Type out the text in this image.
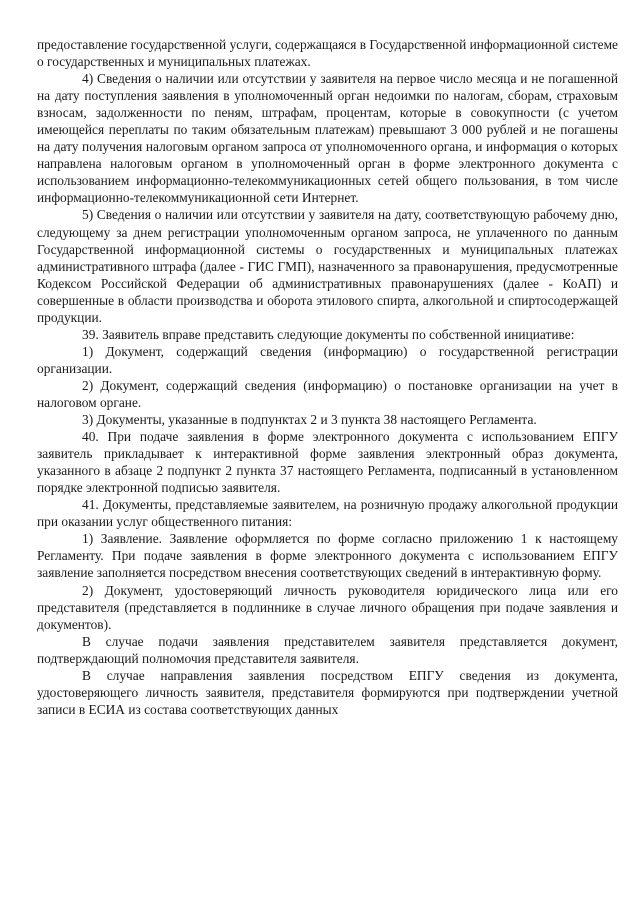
предоставление государственной услуги, содержащаяся в Государственной информационной системе о государственных и муниципальных платежах.

4) Сведения о наличии или отсутствии у заявителя на первое число месяца и не погашенной на дату поступления заявления в уполномоченный орган недоимки по налогам, сборам, страховым взносам, задолженности по пеням, штрафам, процентам, которые в совокупности (с учетом имеющейся переплаты по таким обязательным платежам) превышают 3 000 рублей и не погашены на дату получения налоговым органом запроса от уполномоченного органа, и информация о которых направлена налоговым органом в уполномоченный орган в форме электронного документа с использованием информационно-телекоммуникационных сетей общего пользования, в том числе информационно-телекоммуникационной сети Интернет.

5) Сведения о наличии или отсутствии у заявителя на дату, соответствующую рабочему дню, следующему за днем регистрации уполномоченным органом запроса, не уплаченного по данным Государственной информационной системы о государственных и муниципальных платежах административного штрафа (далее - ГИС ГМП), назначенного за правонарушения, предусмотренные Кодексом Российской Федерации об административных правонарушениях (далее - КоАП) и совершенные в области производства и оборота этилового спирта, алкогольной и спиртосодержащей продукции.

39. Заявитель вправе представить следующие документы по собственной инициативе:

1) Документ, содержащий сведения (информацию) о государственной регистрации организации.

2) Документ, содержащий сведения (информацию) о постановке организации на учет в налоговом органе.

3) Документы, указанные в подпунктах 2 и 3 пункта 38 настоящего Регламента.

40. При подаче заявления в форме электронного документа с использованием ЕПГУ заявитель прикладывает к интерактивной форме заявления электронный образ документа, указанного в абзаце 2 подпункт 2 пункта 37 настоящего Регламента, подписанный в установленном порядке электронной подписью заявителя.

41. Документы, представляемые заявителем, на розничную продажу алкогольной продукции при оказании услуг общественного питания:

1) Заявление. Заявление оформляется по форме согласно приложению 1 к настоящему Регламенту. При подаче заявления в форме электронного документа с использованием ЕПГУ заявление заполняется посредством внесения соответствующих сведений в интерактивную форму.

2) Документ, удостоверяющий личность руководителя юридического лица или его представителя (представляется в подлиннике в случае личного обращения при подаче заявления и документов).

В случае подачи заявления представителем заявителя представляется документ, подтверждающий полномочия представителя заявителя.

В случае направления заявления посредством ЕПГУ сведения из документа, удостоверяющего личность заявителя, представителя формируются при подтверждении учетной записи в ЕСИА из состава соответствующих данных
